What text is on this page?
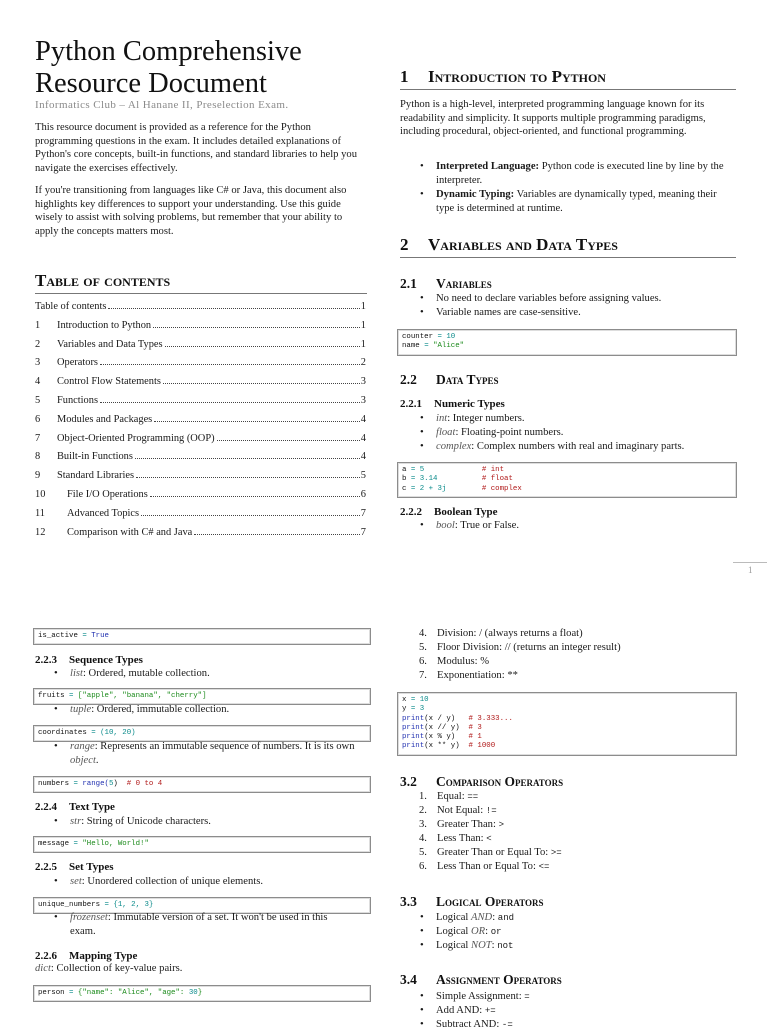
Python Comprehensive
Resource Document
Informatics Club – Al Hanane II, Preselection Exam.
This resource document is provided as a reference for the Python programming questions in the exam. It includes detailed explanations of Python's core concepts, built-in functions, and standard libraries to help you navigate the exercises effectively.
If you're transitioning from languages like C# or Java, this document also highlights key differences to support your understanding. Use this guide wisely to assist with solving problems, but remember that your ability to apply the concepts matters most.
Table of contents
Table of contents	1
1	Introduction to Python	1
2	Variables and Data Types	1
3	Operators	2
4	Control Flow Statements	3
5	Functions	3
6	Modules and Packages	4
7	Object-Oriented Programming (OOP)	4
8	Built-in Functions	4
9	Standard Libraries	5
10	File I/O Operations	6
11	Advanced Topics	7
12	Comparison with C# and Java	7
1 Introduction to Python
Python is a high-level, interpreted programming language known for its readability and simplicity. It supports multiple programming paradigms, including procedural, object-oriented, and functional programming.
• Interpreted Language: Python code is executed line by line by the interpreter.
• Dynamic Typing: Variables are dynamically typed, meaning their type is determined at runtime.
2 Variables and Data Types
2.1 Variables
• No need to declare variables before assigning values.
• Variable names are case-sensitive.
counter = 10
name = "Alice"
2.2 Data Types
2.2.1 Numeric Types
• int: Integer numbers.
• float: Floating-point numbers.
• complex: Complex numbers with real and imaginary parts.
a = 5             # int
b = 3.14          # float
c = 2 + 3j        # complex
2.2.2 Boolean Type
• bool: True or False.
1
is_active = True
2.2.3 Sequence Types
• list: Ordered, mutable collection.
fruits = ["apple", "banana", "cherry"]
• tuple: Ordered, immutable collection.
coordinates = (10, 20)
• range: Represents an immutable sequence of numbers. It is its own object.
numbers = range(5)  # 0 to 4
2.2.4 Text Type
• str: String of Unicode characters.
message = "Hello, World!"
2.2.5 Set Types
• set: Unordered collection of unique elements.
unique_numbers = {1, 2, 3}
• frozenset: Immutable version of a set. It won't be used in this exam.
2.2.6 Mapping Type
dict: Collection of key-value pairs.
person = {"name": "Alice", "age": 30}
4. Division: / (always returns a float)
5. Floor Division: // (returns an integer result)
6. Modulus: %
7. Exponentiation: **
x = 10
y = 3
print(x / y)   # 3.333...
print(x // y)  # 3
print(x % y)   # 1
print(x ** y)  # 1000
3.2 Comparison Operators
1. Equal: ==
2. Not Equal: !=
3. Greater Than: >
4. Less Than: <
5. Greater Than or Equal To: >=
6. Less Than or Equal To: <=
3.3 Logical Operators
• Logical AND: and
• Logical OR: or
• Logical NOT: not
3.4 Assignment Operators
• Simple Assignment: =
• Add AND: +=
• Subtract AND: -=
